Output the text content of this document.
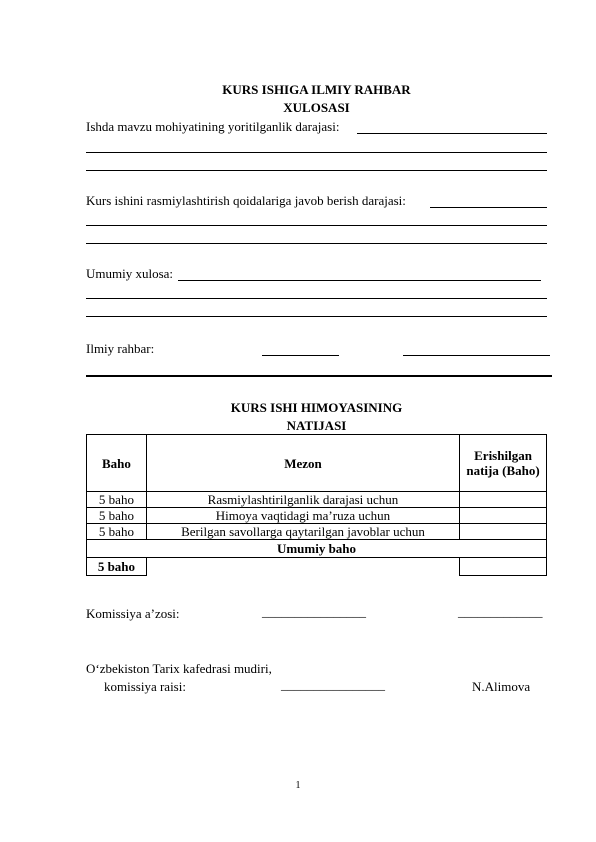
KURS ISHIGA ILMIY RAHBAR
XULOSASI
Ishda mavzu mohiyatining yoritilganlik darajasi:
Kurs ishini rasmiylashtirish qoidalariga javob berish darajasi:
Umumiy xulosa:
Ilmiy rahbar:
KURS ISHI HIMOYASINING
NATIJASI
Baho	Mezon	Erishilgan natija (Baho)
5 baho	Rasmiylashtirilganlik darajasi uchun	
5 baho	Himoya vaqtidagi ma’ruza uchun	
5 baho	Berilgan savollarga qaytarilgan javoblar uchun	
Umumiy baho		
5 baho		
Komissiya a’zosi:	________________	_____________
O‘zbekiston Tarix kafedrasi mudiri,
komissiya raisi:	________________	N.Alimova
1
